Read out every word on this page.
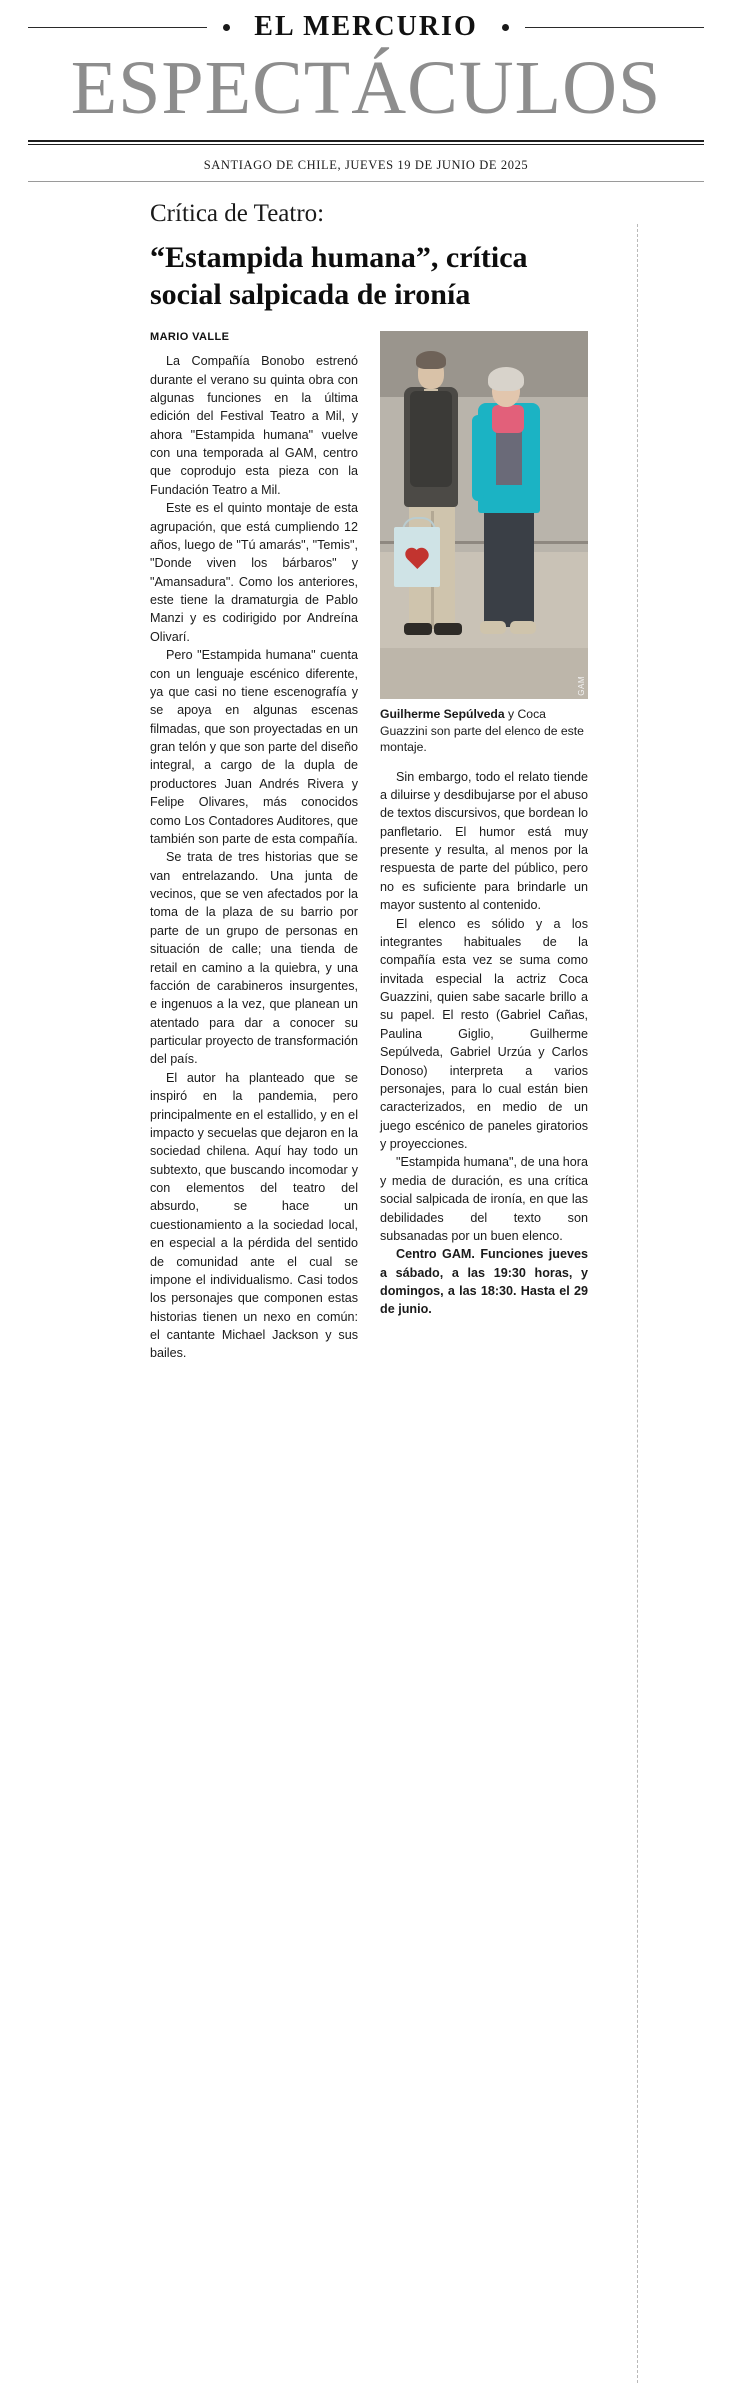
EL MERCURIO
ESPECTÁCULOS
SANTIAGO DE CHILE, JUEVES 19 DE JUNIO DE 2025
Crítica de Teatro:
“Estampida humana”, crítica social salpicada de ironía
MARIO VALLE

La Compañía Bonobo estrenó durante el verano su quinta obra con algunas funciones en la última edición del Festival Teatro a Mil, y ahora "Estampida humana" vuelve con una temporada al GAM, centro que coprodujo esta pieza con la Fundación Teatro a Mil.

Este es el quinto montaje de esta agrupación, que está cumpliendo 12 años, luego de "Tú amarás", "Temis", "Donde viven los bárbaros" y "Amansadura". Como los anteriores, este tiene la dramaturgia de Pablo Manzi y es codirigido por Andreína Olivarí.

Pero "Estampida humana" cuenta con un lenguaje escénico diferente, ya que casi no tiene escenografía y se apoya en algunas escenas filmadas, que son proyectadas en un gran telón y que son parte del diseño integral, a cargo de la dupla de productores Juan Andrés Rivera y Felipe Olivares, más conocidos como Los Contadores Auditores, que también son parte de esta compañía.

Se trata de tres historias que se van entrelazando. Una junta de vecinos, que se ven afectados por la toma de la plaza de su barrio por parte de un grupo de personas en situación de calle; una tienda de retail en camino a la quiebra, y una facción de carabineros insurgentes, e ingenuos a la vez, que planean un atentado para dar a conocer su particular proyecto de transformación del país.

El autor ha planteado que se inspiró en la pandemia, pero principalmente en el estallido, y en el impacto y secuelas que dejaron en la sociedad chilena. Aquí hay todo un subtexto, que buscando incomodar y con elementos del teatro del absurdo, se hace un cuestionamiento a la sociedad local, en especial a la pérdida del sentido de comunidad ante el cual se impone el individualismo. Casi todos los personajes que componen estas historias tienen un nexo en común: el cantante Michael Jackson y sus bailes.

GAM
Guilherme Sepúlveda y Coca Guazzini son parte del elenco de este montaje.

Sin embargo, todo el relato tiende a diluirse y desdibujarse por el abuso de textos discursivos, que bordean lo panfletario. El humor está muy presente y resulta, al menos por la respuesta de parte del público, pero no es suficiente para brindarle un mayor sustento al contenido.

El elenco es sólido y a los integrantes habituales de la compañía esta vez se suma como invitada especial la actriz Coca Guazzini, quien sabe sacarle brillo a su papel. El resto (Gabriel Cañas, Paulina Giglio, Guilherme Sepúlveda, Gabriel Urzúa y Carlos Donoso) interpreta a varios personajes, para lo cual están bien caracterizados, en medio de un juego escénico de paneles giratorios y proyecciones.

"Estampida humana", de una hora y media de duración, es una crítica social salpicada de ironía, en que las debilidades del texto son subsanadas por un buen elenco.

Centro GAM. Funciones jueves a sábado, a las 19:30 horas, y domingos, a las 18:30. Hasta el 29 de junio.
